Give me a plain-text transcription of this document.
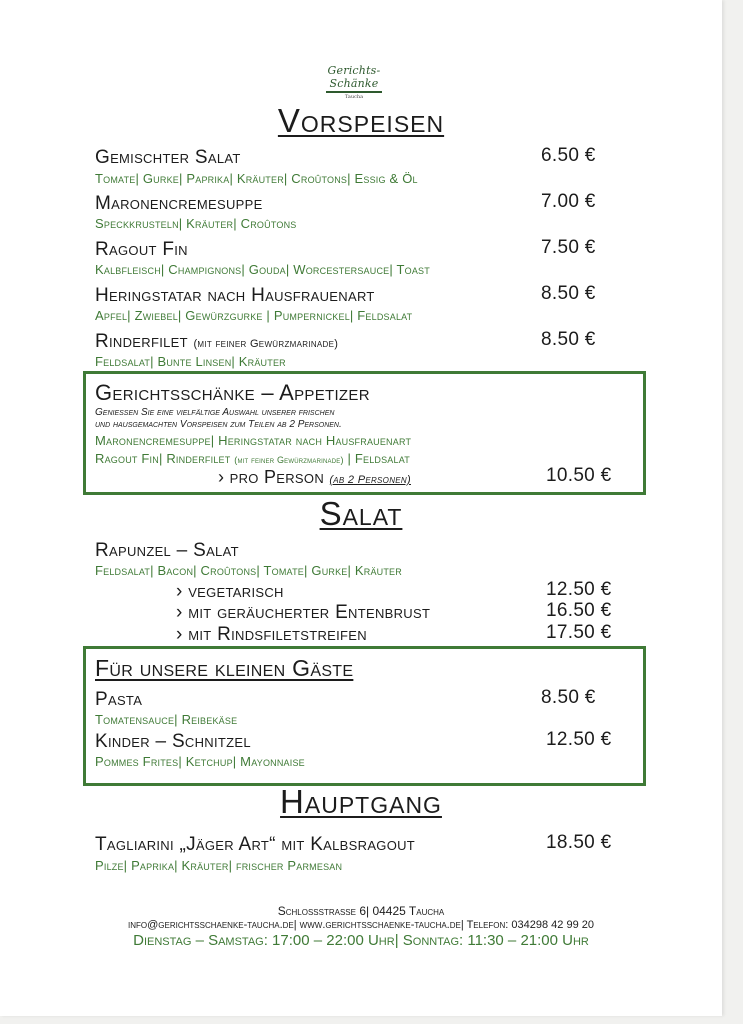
Gerichts-Schänke
Taucha
Vorspeisen
Gemischter Salat	6.50 €
Tomate| Gurke| Paprika| Kräuter| Croûtons| Essig & Öl
Maronencremesuppe	7.00 €
Speckkrusteln| Kräuter| Croûtons
Ragout Fin	7.50 €
Kalbfleisch| Champignons| Gouda| Worcestersauce| Toast
Heringstatar nach Hausfrauenart	8.50 €
Apfel| Zwiebel| Gewürzgurke | Pumpernickel| Feldsalat
Rinderfilet (mit feiner Gewürzmarinade)	8.50 €
Feldsalat| Bunte Linsen| Kräuter
Gerichtsschänke – Appetizer
Geniessen Sie eine vielfältige Auswahl unserer frischen
und hausgemachten Vorspeisen zum Teilen ab 2 Personen.
Maronencremesuppe| Heringstatar nach Hausfrauenart
Ragout Fin| Rinderfilet (mit feiner Gewürzmarinade) | Feldsalat
› pro Person (ab 2 Personen)	10.50 €
Salat
Rapunzel – Salat
Feldsalat| Bacon| Croûtons| Tomate| Gurke| Kräuter
› vegetarisch	12.50 €
› mit geräucherter Entenbrust	16.50 €
› mit Rindsfiletstreifen	17.50 €
Für unsere kleinen Gäste
Pasta	8.50 €
Tomatensauce| Reibekäse
Kinder – Schnitzel	12.50 €
Pommes Frites| Ketchup| Mayonnaise
Hauptgang
Tagliarini „Jäger Art“ mit Kalbsragout	18.50 €
Pilze| Paprika| Kräuter| frischer Parmesan
Schlossstrasse 6| 04425 Taucha
info@gerichtsschaenke-taucha.de| www.gerichtsschaenke-taucha.de| Telefon: 034298 42 99 20
Dienstag – Samstag: 17:00 – 22:00 Uhr| Sonntag: 11:30 – 21:00 Uhr
